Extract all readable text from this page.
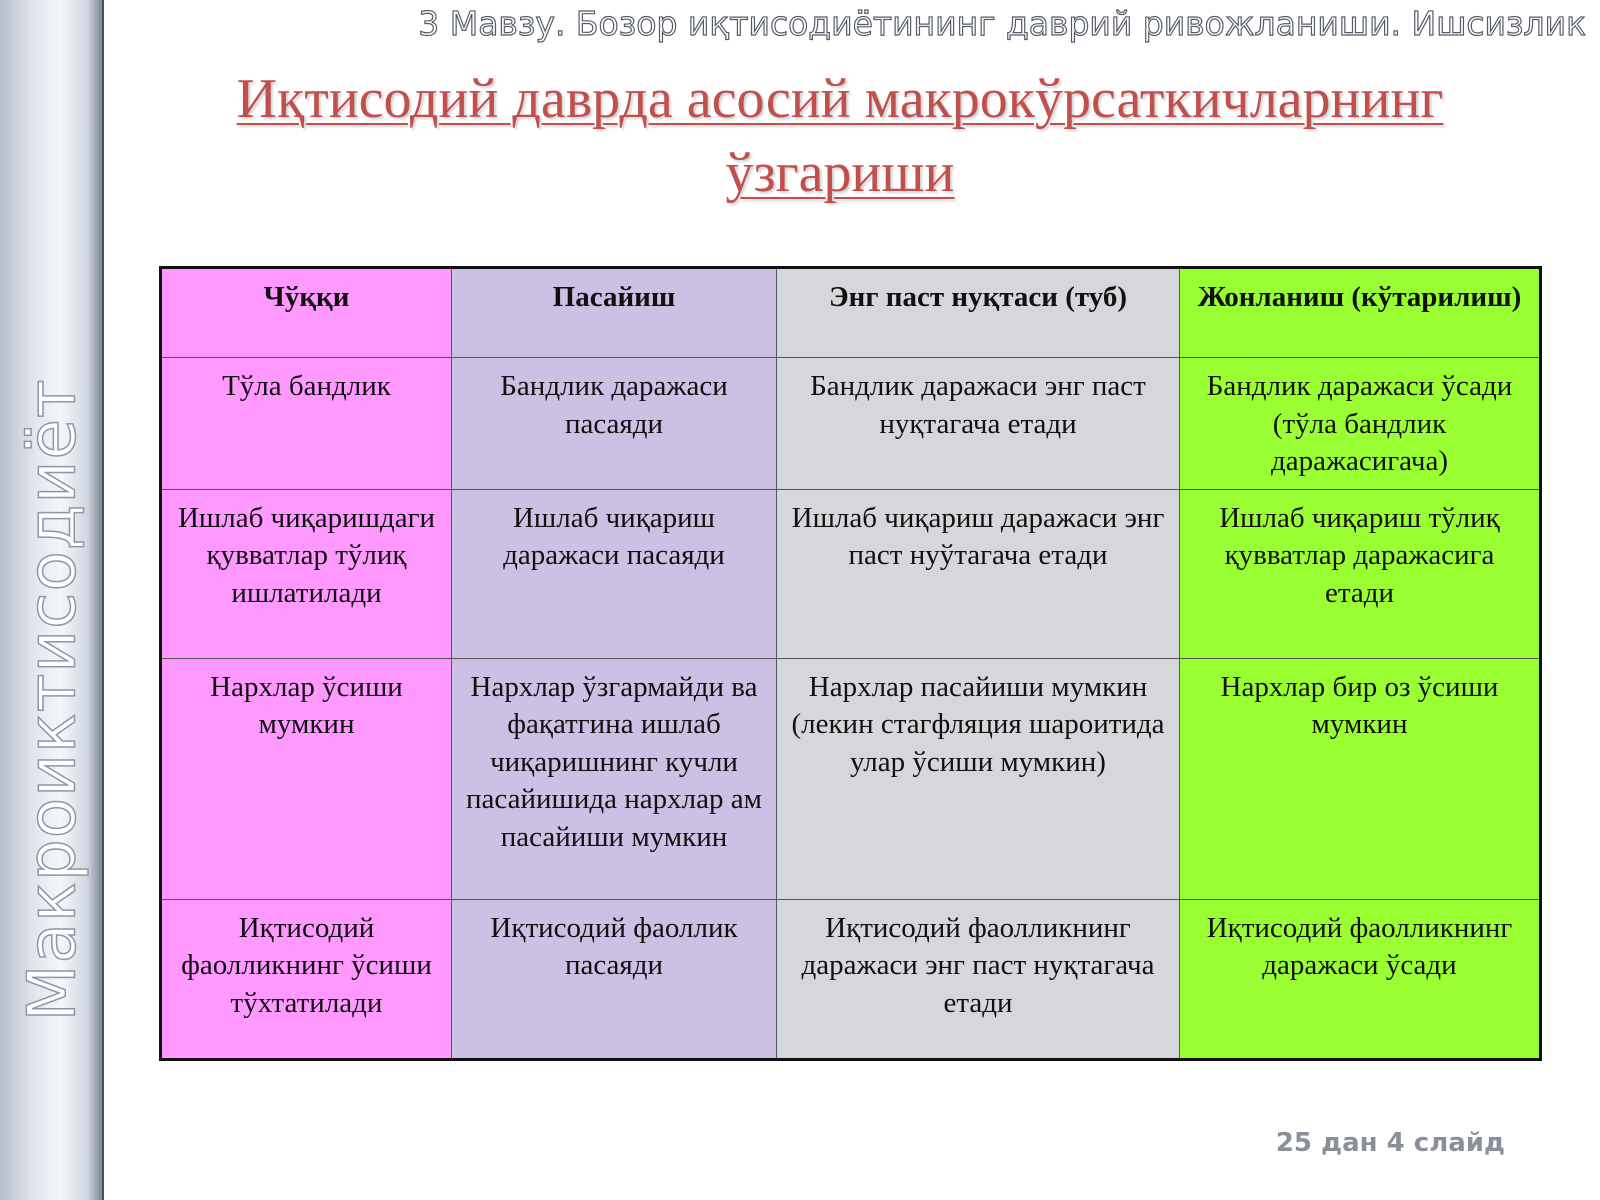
Макроиктисодиёт
3 Мавзу. Бозор иқтисодиётининг даврий ривожланиши. Ишсизлик
Иқтисодий даврда асосий макрокўрсаткичларнинг ўзгариши
Чўққи	Пасайиш	Энг паст нуқтаси (туб)	Жонланиш (кўтарилиш)
Тўла бандлик	Бандлик даражаси пасаяди	Бандлик даражаси энг паст нуқтагача етади	Бандлик даражаси ўсади (тўла бандлик даражасигача)
Ишлаб чиқаришдаги қувватлар тўлиқ ишлатилади	Ишлаб чиқариш даражаси пасаяди	Ишлаб чиқариш даражаси энг паст нуўтагача етади	Ишлаб чиқариш тўлиқ қувватлар даражасига етади
Нархлар ўсиши мумкин	Нархлар ўзгармайди ва фақатгина ишлаб чиқаришнинг кучли пасайишида нархлар ам пасайиши мумкин	Нархлар пасайиши мумкин (лекин стагфляция шароитида улар ўсиши мумкин)	Нархлар бир оз ўсиши мумкин
Иқтисодий фаолликнинг ўсиши тўхтатилади	Иқтисодий фаоллик пасаяди	Иқтисодий фаолликнинг даражаси энг паст нуқтагача етади	Иқтисодий фаолликнинг даражаси ўсади
25 дан 4 слайд
